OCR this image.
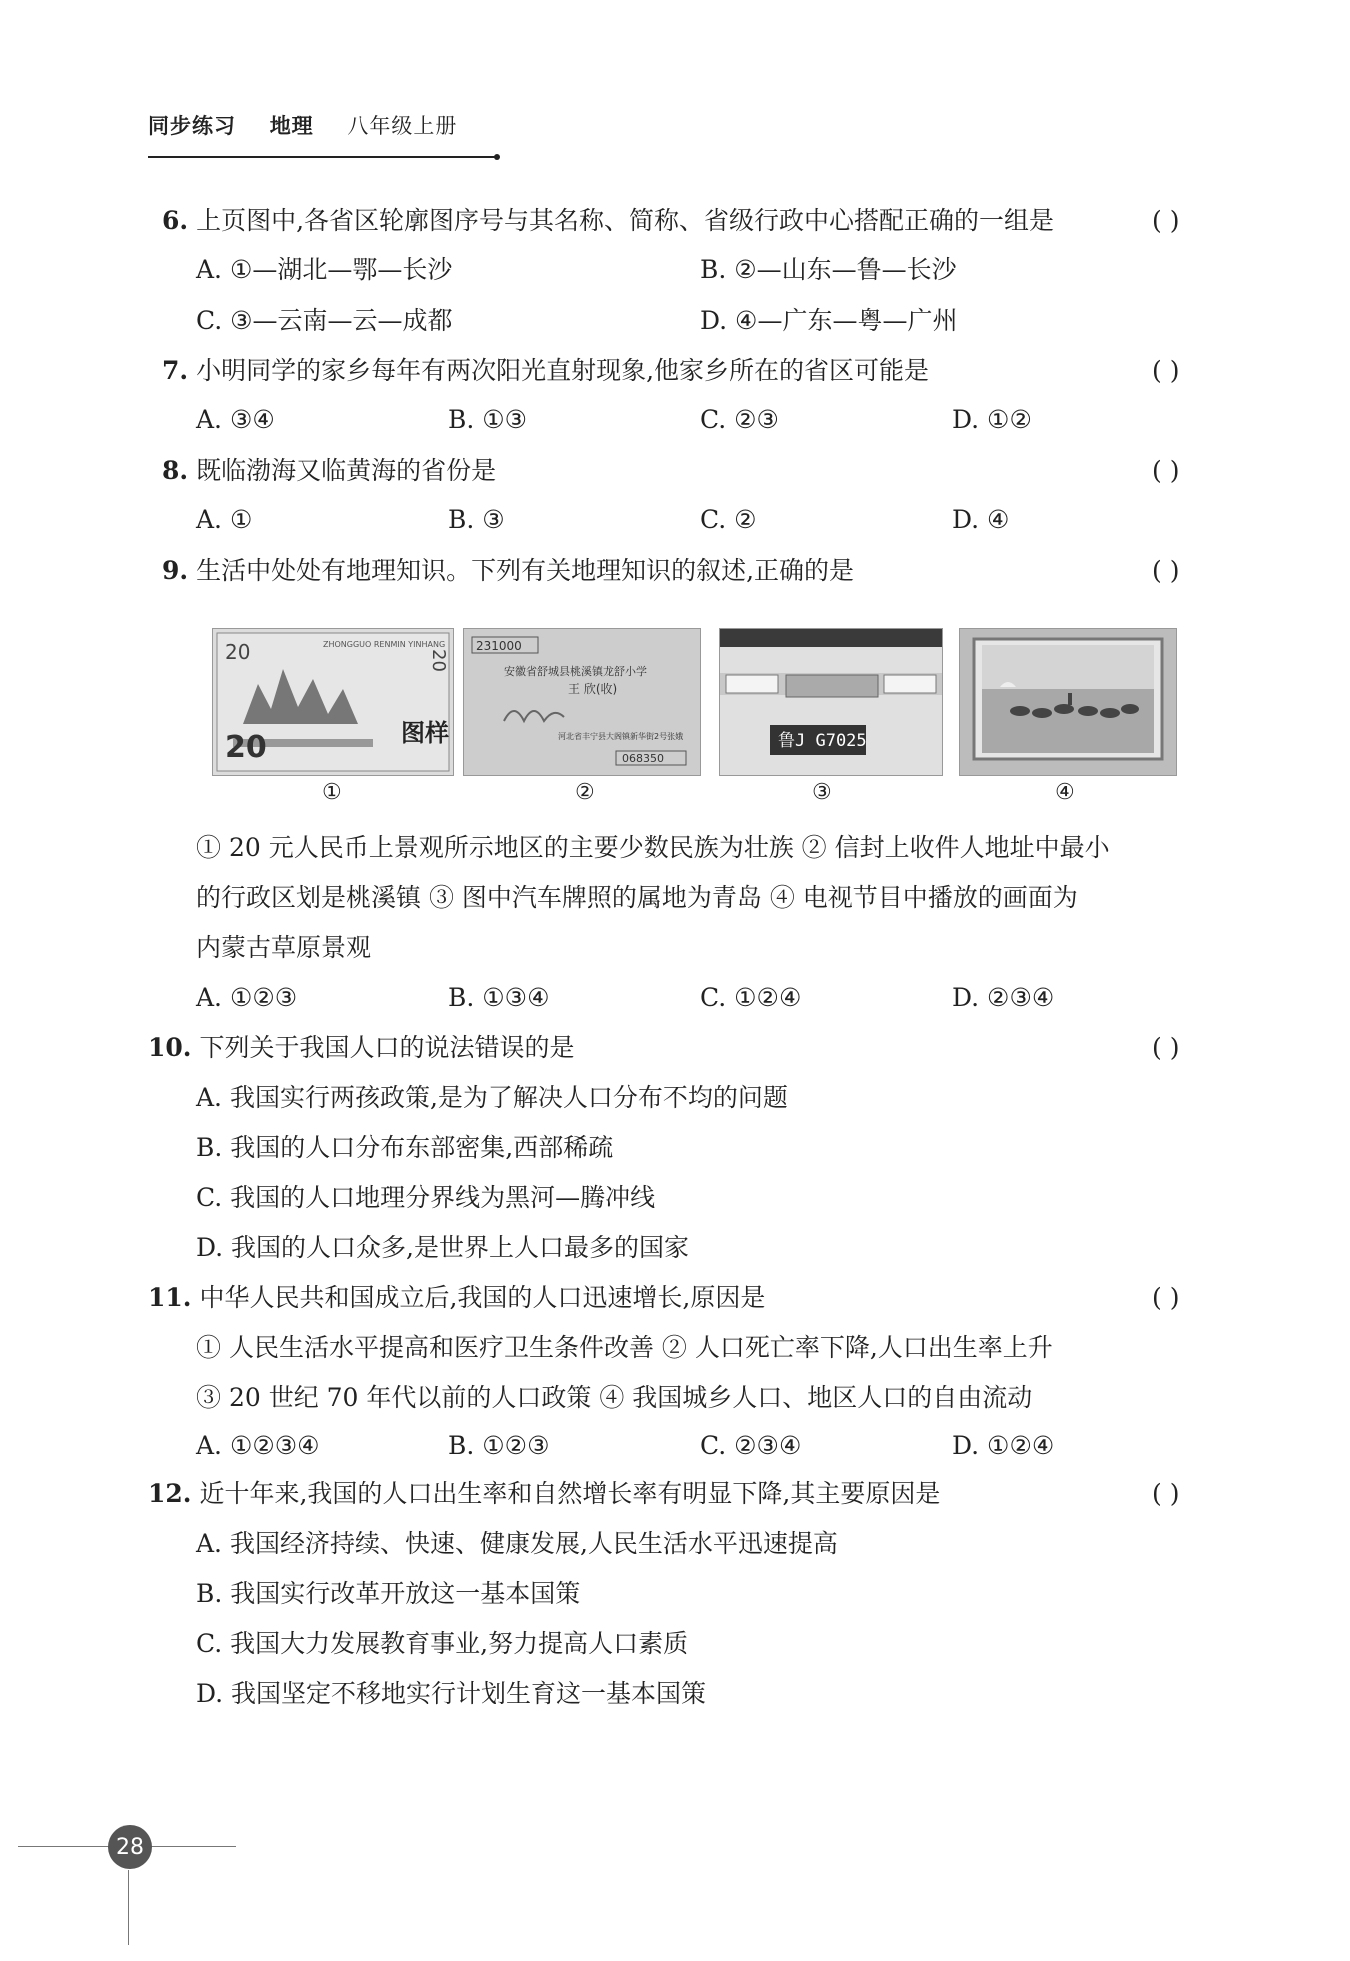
同步练习 地理 八年级上册
6. 上页图中,各省区轮廓图序号与其名称、简称、省级行政中心搭配正确的一组是	( )
A. ①—湖北—鄂—长沙	B. ②—山东—鲁—长沙
C. ③—云南—云—成都	D. ④—广东—粤—广州
7. 小明同学的家乡每年有两次阳光直射现象,他家乡所在的省区可能是	( )
A. ③④	B. ①③	C. ②③	D. ①②
8. 既临渤海又临黄海的省份是	( )
A. ①	B. ③	C. ②	D. ④
9. 生活中处处有地理知识。下列有关地理知识的叙述,正确的是	( )
20
20
ZHONGGUO RENMIN YINHANG
20
图样
①
231000
安徽省舒城县桃溪镇龙舒小学
王 欣(收)
河北省丰宁县大阁镇新华街2号张娥
068350
②
鲁J G7025
③	④
① 20 元人民币上景观所示地区的主要少数民族为壮族 ② 信封上收件人地址中最小
的行政区划是桃溪镇 ③ 图中汽车牌照的属地为青岛 ④ 电视节目中播放的画面为
内蒙古草原景观
A. ①②③	B. ①③④	C. ①②④	D. ②③④
10. 下列关于我国人口的说法错误的是	( )
A. 我国实行两孩政策,是为了解决人口分布不均的问题
B. 我国的人口分布东部密集,西部稀疏
C. 我国的人口地理分界线为黑河—腾冲线
D. 我国的人口众多,是世界上人口最多的国家
11. 中华人民共和国成立后,我国的人口迅速增长,原因是	( )
① 人民生活水平提高和医疗卫生条件改善 ② 人口死亡率下降,人口出生率上升
③ 20 世纪 70 年代以前的人口政策 ④ 我国城乡人口、地区人口的自由流动
A. ①②③④	B. ①②③	C. ②③④	D. ①②④
12. 近十年来,我国的人口出生率和自然增长率有明显下降,其主要原因是	( )
A. 我国经济持续、快速、健康发展,人民生活水平迅速提高
B. 我国实行改革开放这一基本国策
C. 我国大力发展教育事业,努力提高人口素质
D. 我国坚定不移地实行计划生育这一基本国策
28
